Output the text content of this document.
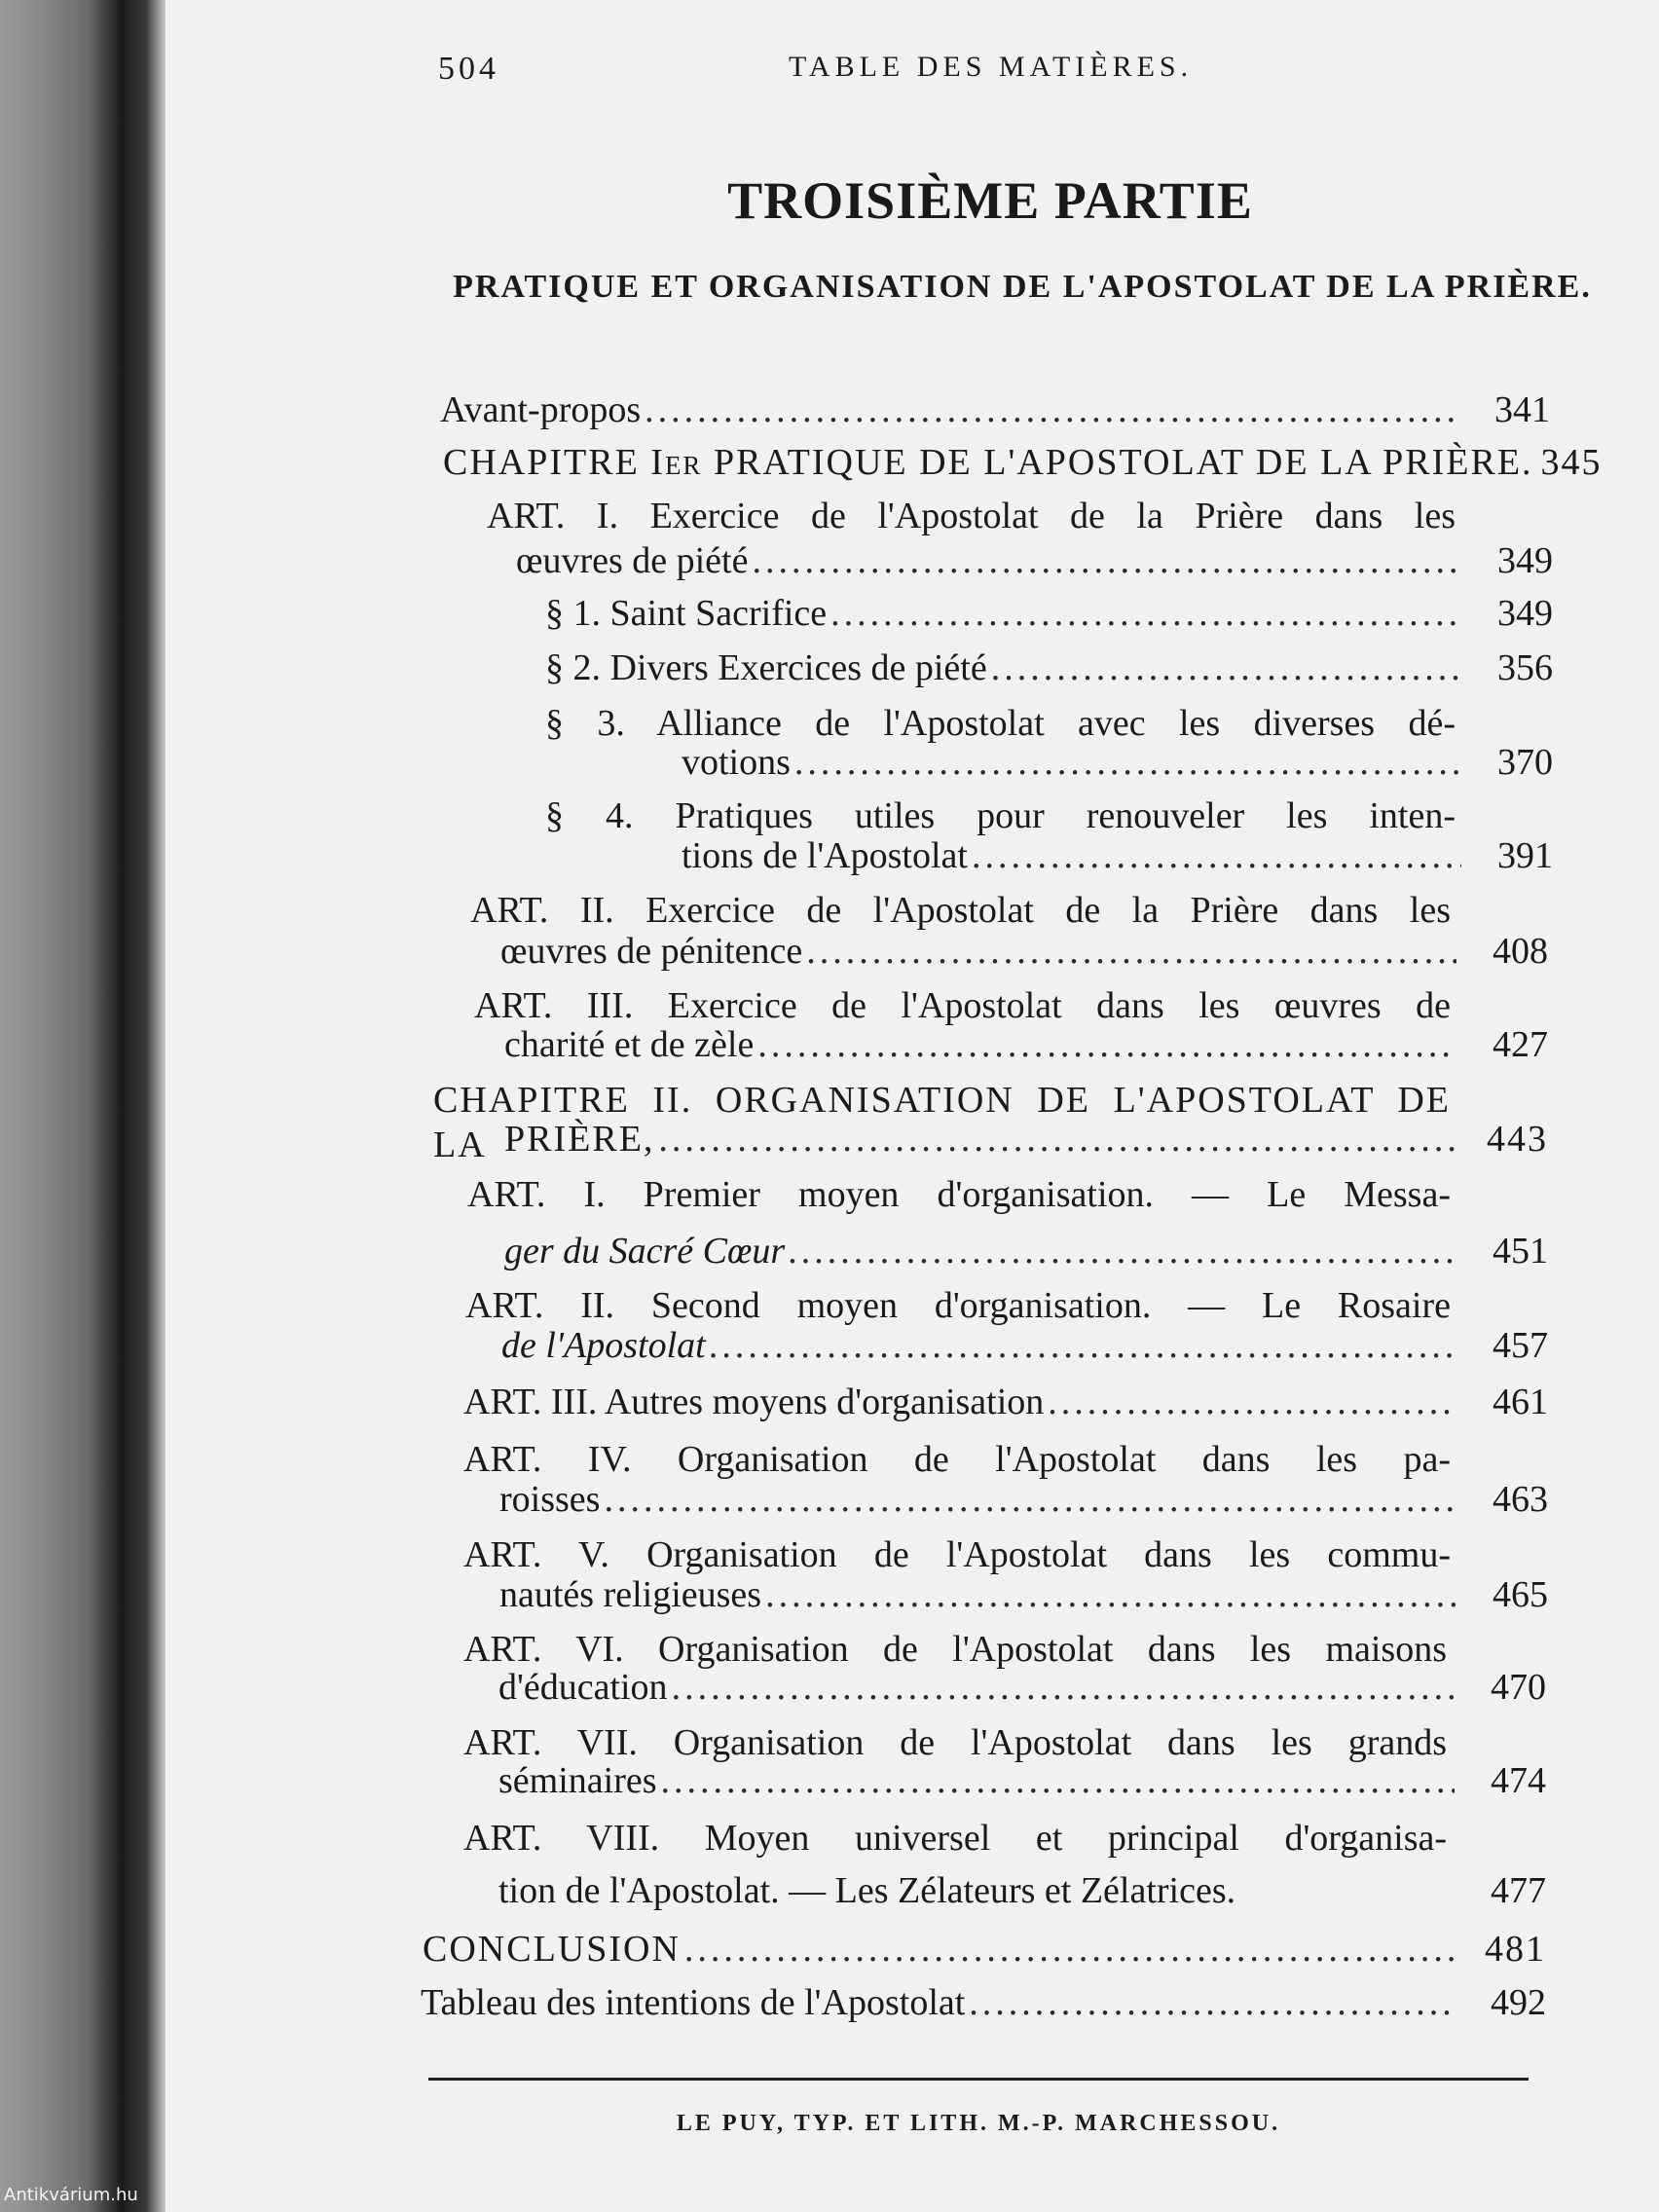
504	TABLE DES MATIÈRES.
TROISIÈME PARTIE
PRATIQUE ET ORGANISATION DE L'APOSTOLAT DE LA PRIÈRE.
Avant-propos .....	341
CHAPITRE Ier PRATIQUE DE L'APOSTOLAT DE LA PRIÈRE. 345
ART. I. Exercice de l'Apostolat de la Prière dans les
œuvres de piété .....	349
§ 1. Saint Sacrifice .....	349
§ 2. Divers Exercices de piété .....	356
§ 3. Alliance de l'Apostolat avec les diverses dé-
votions .....	370
§ 4. Pratiques utiles pour renouveler les inten-
tions de l'Apostolat .....	391
ART. II. Exercice de l'Apostolat de la Prière dans les
œuvres de pénitence .....	408
ART. III. Exercice de l'Apostolat dans les œuvres de
charité et de zèle .....	427
CHAPITRE II. ORGANISATION DE L'APOSTOLAT DE LA PRIÈRE, .....	443
ART. I. Premier moyen d'organisation. — Le Messa-
ger du Sacré Cœur .....	451
ART. II. Second moyen d'organisation. — Le Rosaire
de l'Apostolat .....	457
ART. III. Autres moyens d'organisation .....	461
ART. IV. Organisation de l'Apostolat dans les pa-
roisses .....	463
ART. V. Organisation de l'Apostolat dans les commu-
nautés religieuses .....	465
ART. VI. Organisation de l'Apostolat dans les maisons
d'éducation .....	470
ART. VII. Organisation de l'Apostolat dans les grands
séminaires .....	474
ART. VIII. Moyen universel et principal d'organisa-
tion de l'Apostolat. — Les Zélateurs et Zélatrices.	477
CONCLUSION .....	481
Tableau des intentions de l'Apostolat .....	492
LE PUY, TYP. ET LITH. M.-P. MARCHESSOU.
Antikvárium.hu
